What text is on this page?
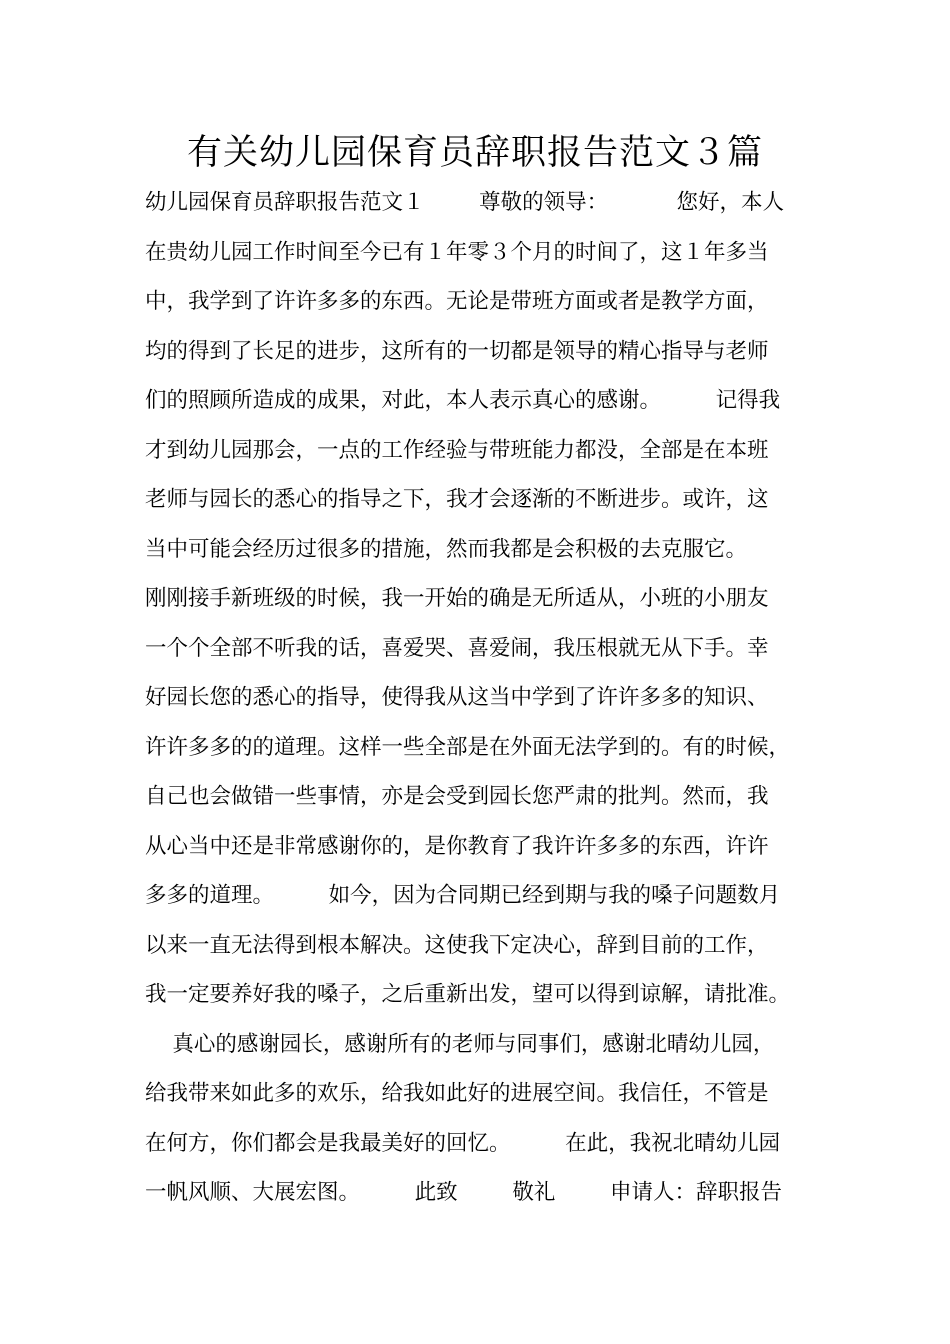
有关幼儿园保育员辞职报告范文３篇
幼儿园保育员辞职报告范文１        尊敬的领导：          您好，本人
在贵幼儿园工作时间至今已有１年零３个月的时间了，这１年多当
中，我学到了许许多多的东西。无论是带班方面或者是教学方面，
均的得到了长足的进步，这所有的一切都是领导的精心指导与老师
们的照顾所造成的成果，对此，本人表示真心的感谢。        记得我
才到幼儿园那会，一点的工作经验与带班能力都没，全部是在本班
老师与园长的悉心的指导之下，我才会逐渐的不断进步。或许，这
当中可能会经历过很多的措施，然而我都是会积极的去克服它。
刚刚接手新班级的时候，我一开始的确是无所适从，小班的小朋友
一个个全部不听我的话，喜爱哭、喜爱闹，我压根就无从下手。幸
好园长您的悉心的指导，使得我从这当中学到了许许多多的知识、
许许多多的的道理。这样一些全部是在外面无法学到的。有的时候，
自己也会做错一些事情，亦是会受到园长您严肃的批判。然而，我
从心当中还是非常感谢你的，是你教育了我许许多多的东西，许许
多多的道理。        如今，因为合同期已经到期与我的嗓子问题数月
以来一直无法得到根本解决。这使我下定决心，辞到目前的工作，
我一定要养好我的嗓子，之后重新出发，望可以得到谅解，请批准。
真心的感谢园长，感谢所有的老师与同事们，感谢北晴幼儿园，
给我带来如此多的欢乐，给我如此好的进展空间。我信任，不管是
在何方，你们都会是我最美好的回忆。        在此，我祝北晴幼儿园
一帆风顺、大展宏图。        此致        敬礼        申请人：辞职报告
